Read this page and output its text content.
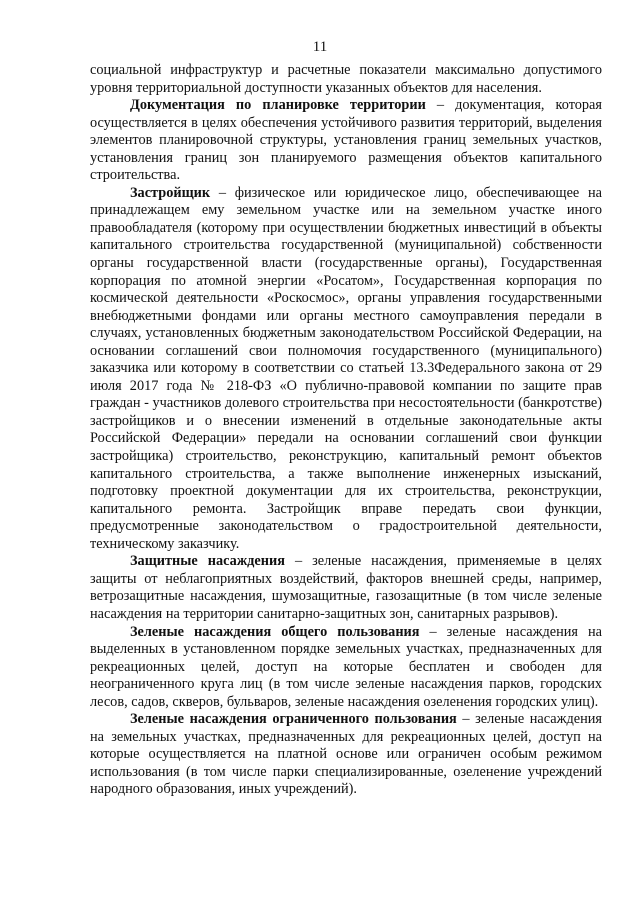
11

социальной инфраструктур и расчетные показатели максимально допустимого уровня территориальной доступности указанных объектов для населения.

Документация по планировке территории – документация, которая осуществляется в целях обеспечения устойчивого развития территорий, выделения элементов планировочной структуры, установления границ земельных участков, установления границ зон планируемого размещения объектов капитального строительства.

Застройщик – физическое или юридическое лицо, обеспечивающее на принадлежащем ему земельном участке или на земельном участке иного правообладателя (которому при осуществлении бюджетных инвестиций в объекты капитального строительства государственной (муниципальной) собственности органы государственной власти (государственные органы), Государственная корпорация по атомной энергии «Росатом», Государственная корпорация по космической деятельности «Роскосмос», органы управления государственными внебюджетными фондами или органы местного самоуправления передали в случаях, установленных бюджетным законодательством Российской Федерации, на основании соглашений свои полномочия государственного (муниципального) заказчика или которому в соответствии со статьей 13.3Федерального закона от 29 июля 2017 года № 218-ФЗ «О публично-правовой компании по защите прав граждан - участников долевого строительства при несостоятельности (банкротстве) застройщиков и о внесении изменений в отдельные законодательные акты Российской Федерации» передали на основании соглашений свои функции застройщика) строительство, реконструкцию, капитальный ремонт объектов капитального строительства, а также выполнение инженерных изысканий, подготовку проектной документации для их строительства, реконструкции, капитального ремонта. Застройщик вправе передать свои функции, предусмотренные законодательством о градостроительной деятельности, техническому заказчику.

Защитные насаждения – зеленые насаждения, применяемые в целях защиты от неблагоприятных воздействий, факторов внешней среды, например, ветрозащитные насаждения, шумозащитные, газозащитные (в том числе зеленые насаждения на территории санитарно-защитных зон, санитарных разрывов).

Зеленые насаждения общего пользования – зеленые насаждения на выделенных в установленном порядке земельных участках, предназначенных для рекреационных целей, доступ на которые бесплатен и свободен для неограниченного круга лиц (в том числе зеленые насаждения парков, городских лесов, садов, скверов, бульваров, зеленые насаждения озеленения городских улиц).

Зеленые насаждения ограниченного пользования – зеленые насаждения на земельных участках, предназначенных для рекреационных целей, доступ на которые осуществляется на платной основе или ограничен особым режимом использования (в том числе парки специализированные, озеленение учреждений народного образования, иных учреждений).
